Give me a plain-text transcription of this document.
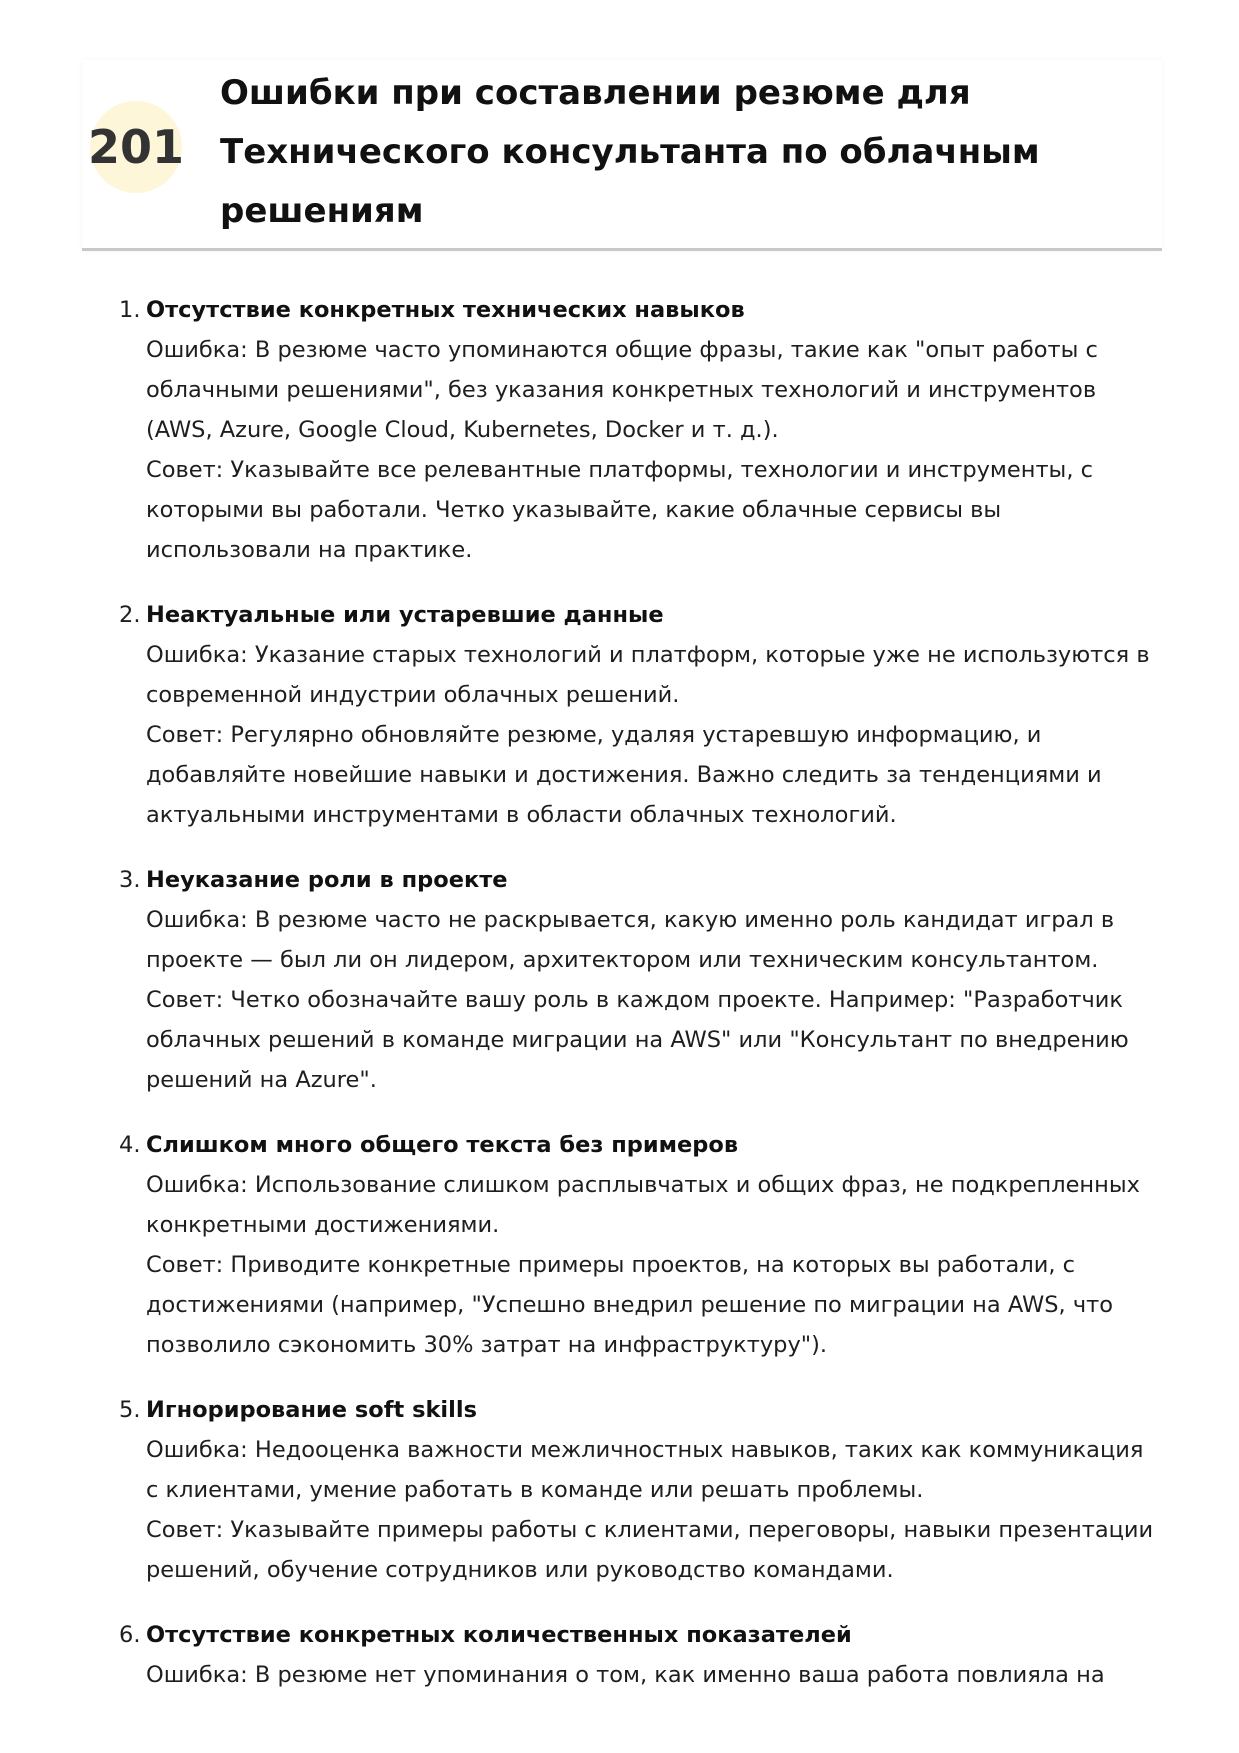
201
Ошибки при составлении резюме для Технического консультанта по облачным решениям
1. Отсутствие конкретных технических навыков
Ошибка: В резюме часто упоминаются общие фразы, такие как "опыт работы с облачными решениями", без указания конкретных технологий и инструментов (AWS, Azure, Google Cloud, Kubernetes, Docker и т. д.).
Совет: Указывайте все релевантные платформы, технологии и инструменты, с которыми вы работали. Четко указывайте, какие облачные сервисы вы использовали на практике.
2. Неактуальные или устаревшие данные
Ошибка: Указание старых технологий и платформ, которые уже не используются в современной индустрии облачных решений.
Совет: Регулярно обновляйте резюме, удаляя устаревшую информацию, и добавляйте новейшие навыки и достижения. Важно следить за тенденциями и актуальными инструментами в области облачных технологий.
3. Неуказание роли в проекте
Ошибка: В резюме часто не раскрывается, какую именно роль кандидат играл в проекте — был ли он лидером, архитектором или техническим консультантом.
Совет: Четко обозначайте вашу роль в каждом проекте. Например: "Разработчик облачных решений в команде миграции на AWS" или "Консультант по внедрению решений на Azure".
4. Слишком много общего текста без примеров
Ошибка: Использование слишком расплывчатых и общих фраз, не подкрепленных конкретными достижениями.
Совет: Приводите конкретные примеры проектов, на которых вы работали, с достижениями (например, "Успешно внедрил решение по миграции на AWS, что позволило сэкономить 30% затрат на инфраструктуру").
5. Игнорирование soft skills
Ошибка: Недооценка важности межличностных навыков, таких как коммуникация с клиентами, умение работать в команде или решать проблемы.
Совет: Указывайте примеры работы с клиентами, переговоры, навыки презентации решений, обучение сотрудников или руководство командами.
6. Отсутствие конкретных количественных показателей
Ошибка: В резюме нет упоминания о том, как именно ваша работа повлияла на
